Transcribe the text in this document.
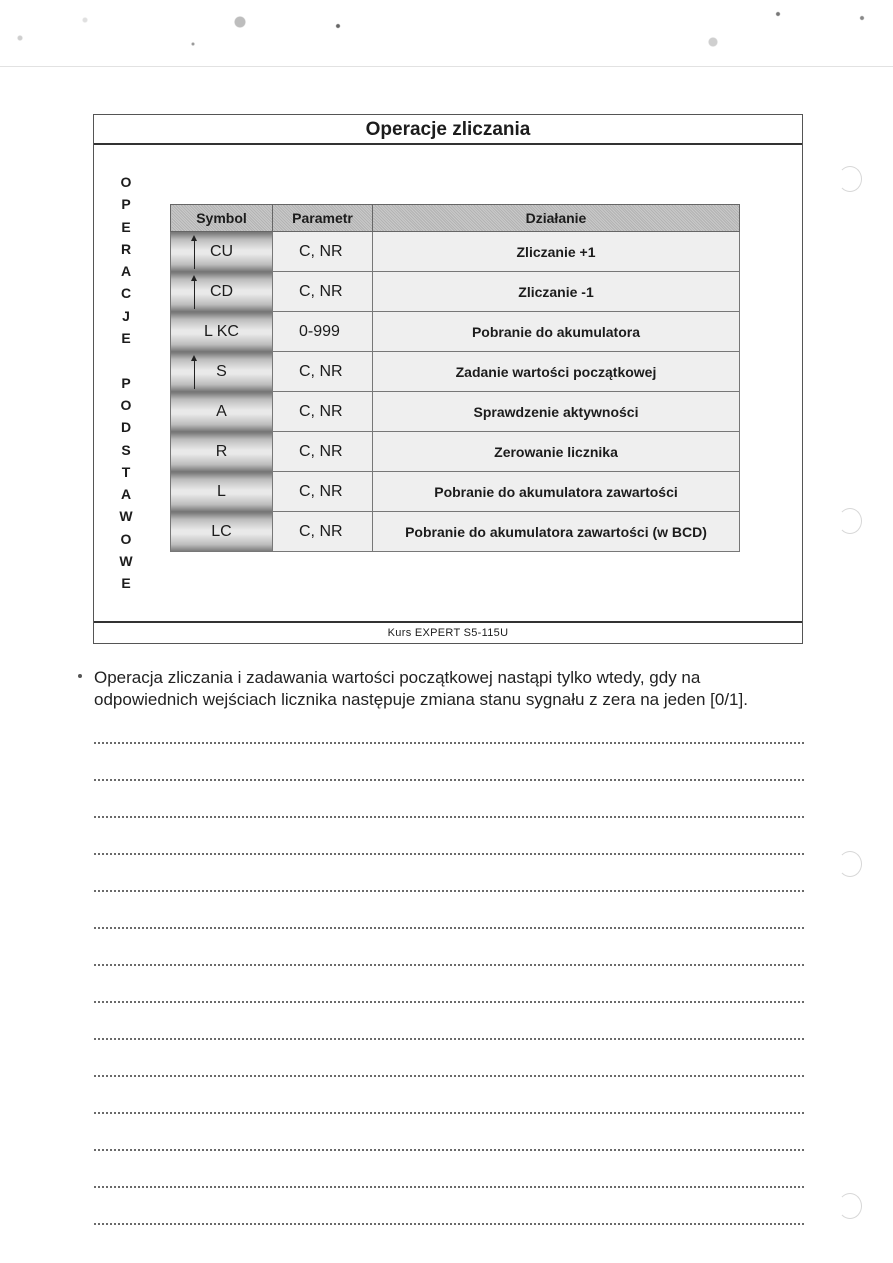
Operacje zliczania
O
P
E
R
A
C
J
E
P
O
D
S
T
A
W
O
W
E
Symbol	Parametr	Działanie

CU	C, NR	Zliczanie +1

CD	C, NR	Zliczanie -1
L KC	0-999	Pobranie do akumulatora

S	C, NR	Zadanie wartości początkowej
A	C, NR	Sprawdzenie aktywności
R	C, NR	Zerowanie licznika
L	C, NR	Pobranie do akumulatora zawartości
LC	C, NR	Pobranie do akumulatora zawartości (w BCD)
Kurs EXPERT S5-115U
Operacja zliczania i zadawania wartości początkowej nastąpi tylko wtedy, gdy na
odpowiednich wejściach licznika następuje zmiana stanu sygnału z zera na jeden [0/1].
